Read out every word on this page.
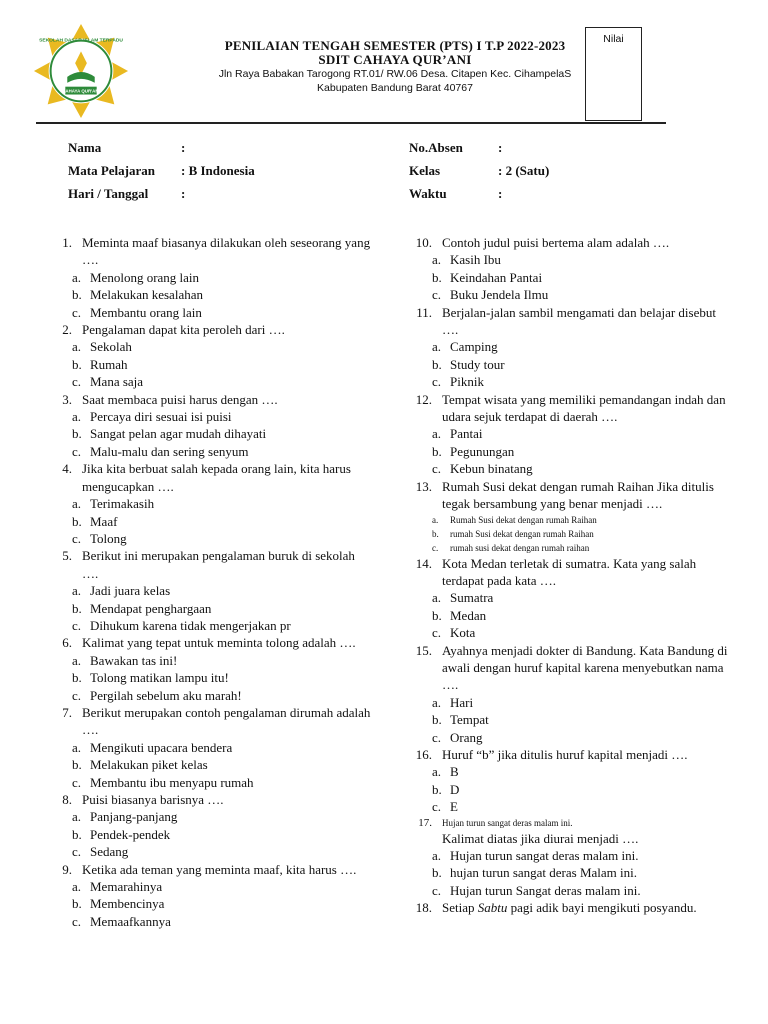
SEKOLAH DASAR ISLAM TERPADU
CAHAYA QUR'ANI
PENILAIAN TENGAH SEMESTER (PTS) I T.P 2022-2023
SDIT CAHAYA QUR’ANI
Jln Raya Babakan Tarogong RT.01/ RW.06 Desa. Citapen Kec. CihampelaS
Kabupaten Bandung Barat 40767
Nilai
Nama	:
Mata Pelajaran : B Indonesia
Hari / Tanggal	:
No.Absen	:
Kelas	: 2 (Satu)
Waktu	:
1. Meminta maaf biasanya dilakukan oleh seseorang yang ….
a. Menolong orang lain
b. Melakukan kesalahan
c. Membantu orang lain
2. Pengalaman dapat kita peroleh dari ….
a. Sekolah
b. Rumah
c. Mana saja
3. Saat membaca puisi harus dengan ….
a. Percaya diri sesuai isi puisi
b. Sangat pelan agar mudah dihayati
c. Malu-malu dan sering senyum
4. Jika kita berbuat salah kepada orang lain, kita harus mengucapkan ….
a. Terimakasih
b. Maaf
c. Tolong
5. Berikut ini merupakan pengalaman buruk di sekolah ….
a. Jadi juara kelas
b. Mendapat penghargaan
c. Dihukum karena tidak mengerjakan pr
6. Kalimat yang tepat untuk meminta tolong adalah ….
a. Bawakan tas ini!
b. Tolong matikan lampu itu!
c. Pergilah sebelum aku marah!
7. Berikut merupakan contoh pengalaman dirumah adalah ….
a. Mengikuti upacara bendera
b. Melakukan piket kelas
c. Membantu ibu menyapu rumah
8. Puisi biasanya barisnya ….
a. Panjang-panjang
b. Pendek-pendek
c. Sedang
9. Ketika ada teman yang meminta maaf, kita harus ….
a. Memarahinya
b. Membencinya
c. Memaafkannya
10. Contoh judul puisi bertema alam adalah ….
a. Kasih Ibu
b. Keindahan Pantai
c. Buku Jendela Ilmu
11. Berjalan-jalan sambil mengamati dan belajar disebut ….
a. Camping
b. Study tour
c. Piknik
12. Tempat wisata yang memiliki pemandangan indah dan udara sejuk terdapat di daerah ….
a. Pantai
b. Pegunungan
c. Kebun binatang
13. Rumah Susi dekat dengan rumah Raihan Jika ditulis tegak bersambung yang benar menjadi ….
a.	Rumah Susi dekat dengan rumah Raihan
b.	rumah Susi dekat dengan rumah Raihan
c.	rumah susi dekat dengan rumah raihan
14. Kota Medan terletak di sumatra. Kata yang salah terdapat pada kata ….
a. Sumatra
b. Medan
c. Kota
15. Ayahnya menjadi dokter di Bandung. Kata Bandung di awali dengan huruf kapital karena menyebutkan nama ….
a. Hari
b. Tempat
c. Orang
16. Huruf “b” jika ditulis huruf kapital menjadi ….
a. B
b. D
c. E
17.	Hujan turun sangat deras malam ini.
Kalimat diatas jika diurai menjadi ….
a. Hujan turun sangat deras malam ini.
b. hujan turun sangat deras Malam ini.
c. Hujan turun Sangat deras malam ini.
18. Setiap Sabtu pagi adik bayi mengikuti posyandu.
